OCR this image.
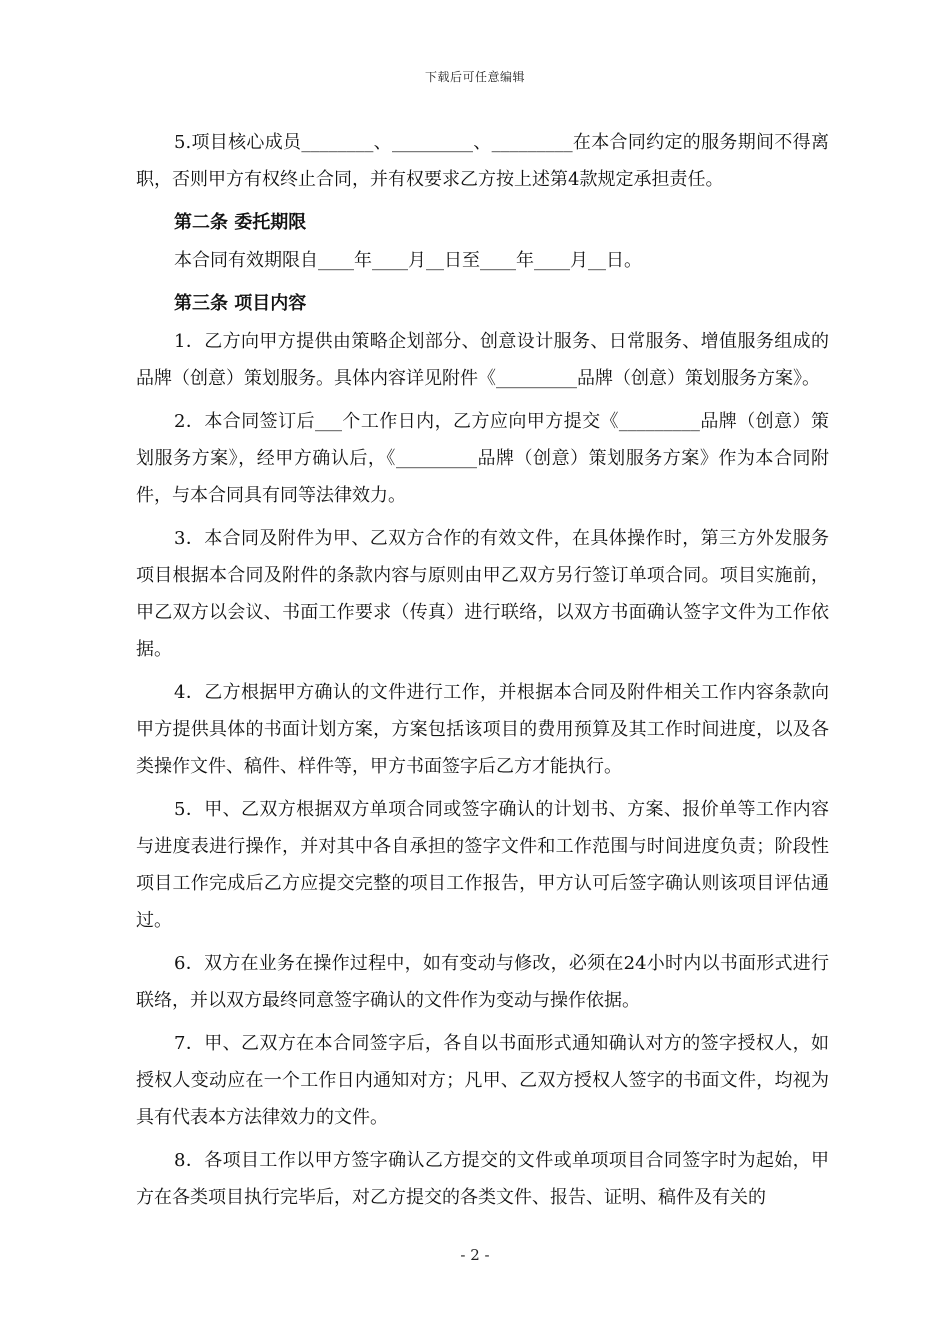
下载后可任意编辑

5.项目核心成员________、_________、_________在本合同约定的服务期间不得离职，否则甲方有权终止合同，并有权要求乙方按上述第4款规定承担责任。

第二条 委托期限

本合同有效期限自____年____月__日至____年____月__日。

第三条 项目内容

1．乙方向甲方提供由策略企划部分、创意设计服务、日常服务、增值服务组成的品牌（创意）策划服务。具体内容详见附件《_________品牌（创意）策划服务方案》。

2．本合同签订后___个工作日内，乙方应向甲方提交《_________品牌（创意）策划服务方案》，经甲方确认后，《_________品牌（创意）策划服务方案》作为本合同附件，与本合同具有同等法律效力。

3．本合同及附件为甲、乙双方合作的有效文件，在具体操作时，第三方外发服务项目根据本合同及附件的条款内容与原则由甲乙双方另行签订单项合同。项目实施前，甲乙双方以会议、书面工作要求（传真）进行联络，以双方书面确认签字文件为工作依据。

4．乙方根据甲方确认的文件进行工作，并根据本合同及附件相关工作内容条款向甲方提供具体的书面计划方案，方案包括该项目的费用预算及其工作时间进度，以及各类操作文件、稿件、样件等，甲方书面签字后乙方才能执行。

5．甲、乙双方根据双方单项合同或签字确认的计划书、方案、报价单等工作内容与进度表进行操作，并对其中各自承担的签字文件和工作范围与时间进度负责；阶段性项目工作完成后乙方应提交完整的项目工作报告，甲方认可后签字确认则该项目评估通过。

6．双方在业务在操作过程中，如有变动与修改，必须在24小时内以书面形式进行联络，并以双方最终同意签字确认的文件作为变动与操作依据。

7．甲、乙双方在本合同签字后，各自以书面形式通知确认对方的签字授权人，如授权人变动应在一个工作日内通知对方；凡甲、乙双方授权人签字的书面文件，均视为具有代表本方法律效力的文件。

8．各项目工作以甲方签字确认乙方提交的文件或单项项目合同签字时为起始，甲方在各类项目执行完毕后，对乙方提交的各类文件、报告、证明、稿件及有关的

- 2 -
